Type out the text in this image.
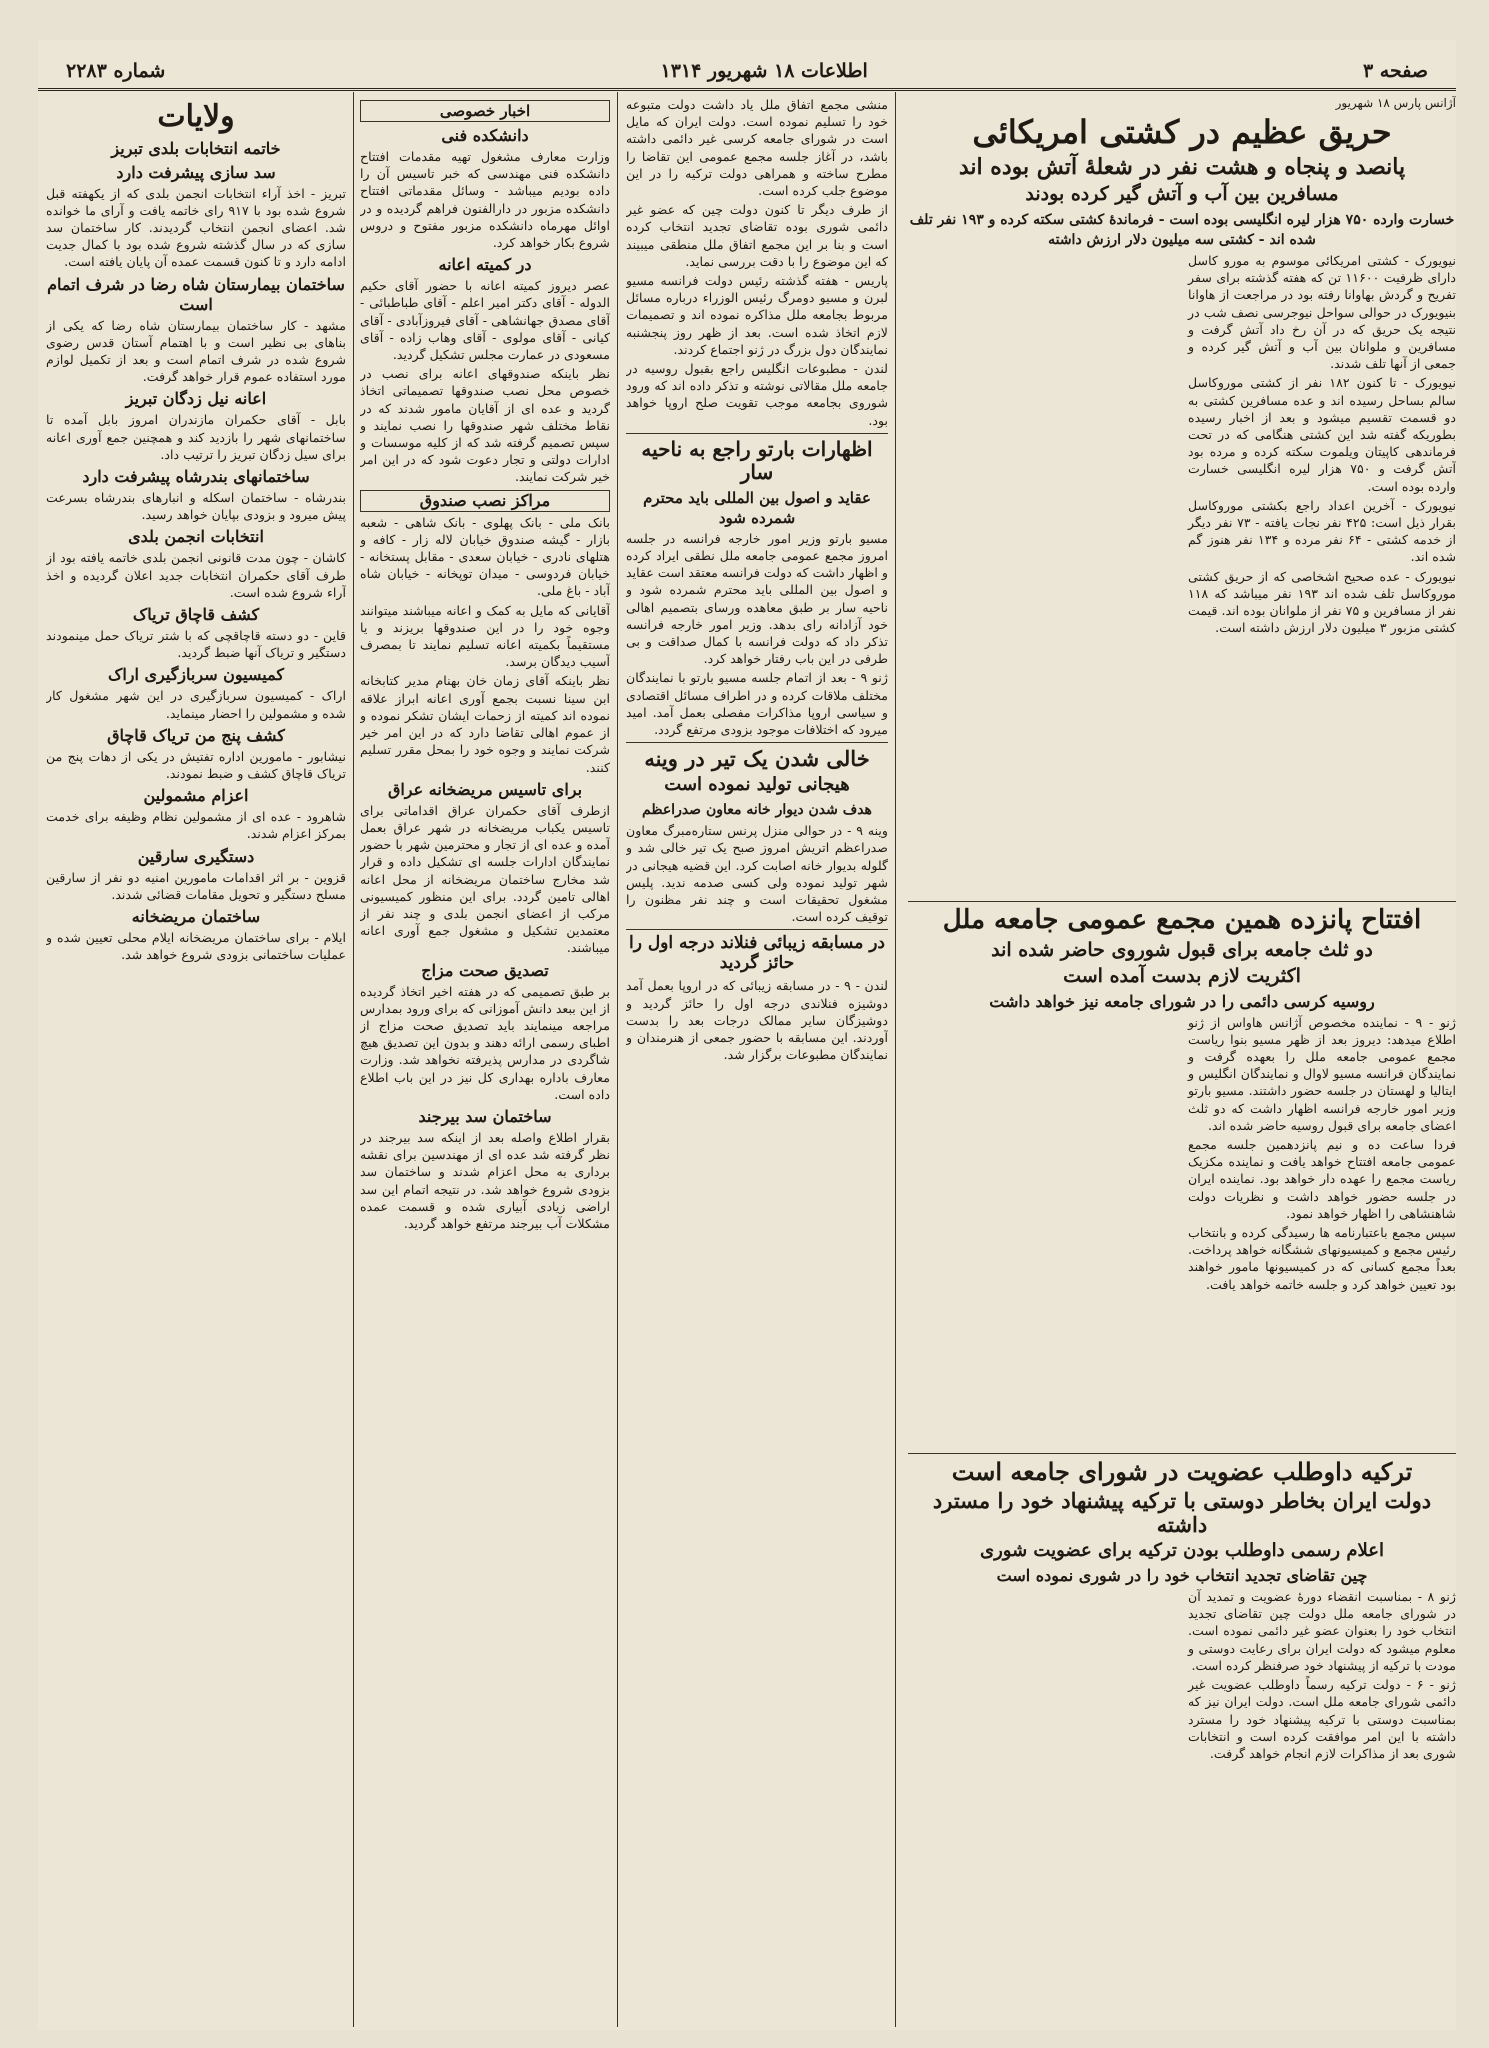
صفحه ۳
اطلاعات ۱۸ شهریور ۱۳۱۴
شماره ۲۲۸۳
آژانس پارس ۱۸ شهریور
حریق عظیم در کشتی امریکائی
پانصد و پنجاه و هشت نفر در شعلهٔ آتش بوده اند
مسافرین بین آب و آتش گیر کرده بودند
خسارت وارده ۷۵۰ هزار لیره انگلیسی بوده است - فرماندهٔ کشتی سکته کرده و ۱۹۳ نفر تلف شده اند - کشتی سه میلیون دلار ارزش داشته

نیویورک - کشتی امریکائی موسوم به مورو کاسل دارای ظرفیت ۱۱۶۰۰ تن که هفته گذشته برای سفر تفریح و گردش بهاوانا رفته بود در مراجعت از هاوانا بنیویورک در حوالی سواحل نیوجرسی نصف شب در نتیجه یک حریق که در آن رخ داد آتش گرفت و مسافرین و ملوانان بین آب و آتش گیر کرده و جمعی از آنها تلف شدند.

نیویورک - تا کنون ۱۸۲ نفر از کشتی موروکاسل سالم بساحل رسیده اند و عده مسافرین کشتی به دو قسمت تقسیم میشود و بعد از اخبار رسیده بطوریکه گفته شد این کشتی هنگامی که در تحت فرماندهی کاپیتان ویلموت سکته کرده و مرده بود آتش گرفت و ۷۵۰ هزار لیره انگلیسی خسارت وارده بوده است.

نیویورک - آخرین اعداد راجع بکشتی موروکاسل بقرار ذیل است: ۴۲۵ نفر نجات یافته - ۷۳ نفر دیگر از خدمه کشتی - ۶۴ نفر مرده و ۱۳۴ نفر هنوز گم شده اند.

نیویورک - عده صحیح اشخاصی که از حریق کشتی موروکاسل تلف شده اند ۱۹۳ نفر میباشد که ۱۱۸ نفر از مسافرین و ۷۵ نفر از ملوانان بوده اند. قیمت کشتی مزبور ۳ میلیون دلار ارزش داشته است.

افتتاح پانزده همین مجمع عمومی جامعه ملل
دو ثلث جامعه برای قبول شوروی حاضر شده اند
اکثریت لازم بدست آمده است
روسیه کرسی دائمی را در شورای جامعه نیز خواهد داشت

ژنو - ۹ - نماینده مخصوص آژانس هاواس از ژنو اطلاع میدهد: دیروز بعد از ظهر مسیو بنوا ریاست مجمع عمومی جامعه ملل را بعهده گرفت و نمایندگان فرانسه مسیو لاوال و نمایندگان انگلیس و ایتالیا و لهستان در جلسه حضور داشتند. مسیو بارتو وزیر امور خارجه فرانسه اظهار داشت که دو ثلث اعضای جامعه برای قبول روسیه حاضر شده اند.

فردا ساعت ده و نیم پانزدهمین جلسه مجمع عمومی جامعه افتتاح خواهد یافت و نماینده مکزیک ریاست مجمع را عهده دار خواهد بود. نماینده ایران در جلسه حضور خواهد داشت و نظریات دولت شاهنشاهی را اظهار خواهد نمود.

سپس مجمع باعتبارنامه ها رسیدگی کرده و بانتخاب رئیس مجمع و کمیسیونهای ششگانه خواهد پرداخت. بعداً مجمع کسانی که در کمیسیونها مامور خواهند بود تعیین خواهد کرد و جلسه خاتمه خواهد یافت.

ترکیه داوطلب عضویت در شورای جامعه است
دولت ایران بخاطر دوستی با ترکیه پیشنهاد خود را مسترد داشته
اعلام رسمی داوطلب بودن ترکیه برای عضویت شوری
چین تقاضای تجدید انتخاب خود را در شوری نموده است

ژنو ۸ - بمناسبت انقضاء دورهٔ عضویت و تمدید آن در شورای جامعه ملل دولت چین تقاضای تجدید انتخاب خود را بعنوان عضو غیر دائمی نموده است. معلوم میشود که دولت ایران برای رعایت دوستی و مودت با ترکیه از پیشنهاد خود صرفنظر کرده است.

ژنو - ۶ - دولت ترکیه رسماً داوطلب عضویت غیر دائمی شورای جامعه ملل است. دولت ایران نیز که بمناسبت دوستی با ترکیه پیشنهاد خود را مسترد داشته با این امر موافقت کرده است و انتخابات شوری بعد از مذاکرات لازم انجام خواهد گرفت.

منشی مجمع اتفاق ملل یاد داشت دولت متبوعه خود را تسلیم نموده است. دولت ایران که مایل است در شورای جامعه کرسی غیر دائمی داشته باشد، در آغاز جلسه مجمع عمومی این تقاضا را مطرح ساخته و همراهی دولت ترکیه را در این موضوع جلب کرده است.

از طرف دیگر تا کنون دولت چین که عضو غیر دائمی شوری بوده تقاضای تجدید انتخاب کرده است و بنا بر این مجمع اتفاق ملل منطقی میبیند که این موضوع را با دقت بررسی نماید.

پاریس - هفته گذشته رئیس دولت فرانسه مسیو لبرن و مسیو دومرگ رئیس الوزراء درباره مسائل مربوط بجامعه ملل مذاکره نموده اند و تصمیمات لازم اتخاذ شده است. بعد از ظهر روز پنجشنبه نمایندگان دول بزرگ در ژنو اجتماع کردند.

لندن - مطبوعات انگلیس راجع بقبول روسیه در جامعه ملل مقالاتی نوشته و تذکر داده اند که ورود شوروی بجامعه موجب تقویت صلح اروپا خواهد بود.

اظهارات بارتو راجع به ناحیه سار
عقاید و اصول بین المللی باید محترم شمرده شود

مسیو بارتو وزیر امور خارجه فرانسه در جلسه امروز مجمع عمومی جامعه ملل نطقی ایراد کرده و اظهار داشت که دولت فرانسه معتقد است عقاید و اصول بین المللی باید محترم شمرده شود و ناحیه سار بر طبق معاهده ورسای بتصمیم اهالی خود آزادانه رای بدهد. وزیر امور خارجه فرانسه تذکر داد که دولت فرانسه با کمال صداقت و بی طرفی در این باب رفتار خواهد کرد.

ژنو ۹ - بعد از اتمام جلسه مسیو بارتو با نمایندگان مختلف ملاقات کرده و در اطراف مسائل اقتصادی و سیاسی اروپا مذاکرات مفصلی بعمل آمد. امید میرود که اختلافات موجود بزودی مرتفع گردد.

خالی شدن یک تیر در وینه
هیجانی تولید نموده است
هدف شدن دیوار خانه معاون صدراعظم

وینه ۹ - در حوالی منزل پرنس ستاره‌مبرگ معاون صدراعظم اتریش امروز صبح یک تیر خالی شد و گلوله بدیوار خانه اصابت کرد. این قضیه هیجانی در شهر تولید نموده ولی کسی صدمه ندید. پلیس مشغول تحقیقات است و چند نفر مظنون را توقیف کرده است.

در مسابقه زیبائی فنلاند درجه اول را حائز گردید

لندن - ۹ - در مسابقه زیبائی که در اروپا بعمل آمد دوشیزه فنلاندی درجه اول را حائز گردید و دوشیزگان سایر ممالک درجات بعد را بدست آوردند. این مسابقه با حضور جمعی از هنرمندان و نمایندگان مطبوعات برگزار شد.

اخبار خصوصی
دانشکده فنی

وزارت معارف مشغول تهیه مقدمات افتتاح دانشکده فنی مهندسی که خبر تاسیس آن را داده بودیم میباشد - وسائل مقدماتی افتتاح دانشکده مزبور در دارالفنون فراهم گردیده و در اوائل مهرماه دانشکده مزبور مفتوح و دروس شروع بکار خواهد کرد.

در کمیته اعانه

عصر دیروز کمیته اعانه با حضور آقای حکیم الدوله - آقای دکتر امیر اعلم - آقای طباطبائی - آقای مصدق جهانشاهی - آقای فیروزآبادی - آقای کیانی - آقای مولوی - آقای وهاب زاده - آقای مسعودی در عمارت مجلس تشکیل گردید.

نظر باینکه صندوقهای اعانه برای نصب در خصوص محل نصب صندوقها تصمیماتی اتخاذ گردید و عده ای از آقایان مامور شدند که در نقاط مختلف شهر صندوقها را نصب نمایند و سپس تصمیم گرفته شد که از کلیه موسسات و ادارات دولتی و تجار دعوت شود که در این امر خیر شرکت نمایند.

مراکز نصب صندوق

بانک ملی - بانک پهلوی - بانک شاهی - شعبه بازار - گیشه صندوق خیابان لاله زار - کافه و هتلهای نادری - خیابان سعدی - مقابل پستخانه - خیابان فردوسی - میدان توپخانه - خیابان شاه آباد - باغ ملی.

آقایانی که مایل به کمک و اعانه میباشند میتوانند وجوه خود را در این صندوقها بریزند و یا مستقیماً بکمیته اعانه تسلیم نمایند تا بمصرف آسیب دیدگان برسد.

نظر باینکه آقای زمان خان بهنام مدیر کتابخانه ابن سینا نسبت بجمع آوری اعانه ابراز علاقه نموده اند کمیته از زحمات ایشان تشکر نموده و از عموم اهالی تقاضا دارد که در این امر خیر شرکت نمایند و وجوه خود را بمحل مقرر تسلیم کنند.

برای تاسیس مریضخانه عراق

ازطرف آقای حکمران عراق اقداماتی برای تاسیس یکباب مریضخانه در شهر عراق بعمل آمده و عده ای از تجار و محترمین شهر با حضور نمایندگان ادارات جلسه ای تشکیل داده و قرار شد مخارج ساختمان مریضخانه از محل اعانه اهالی تامین گردد. برای این منظور کمیسیونی مرکب از اعضای انجمن بلدی و چند نفر از معتمدین تشکیل و مشغول جمع آوری اعانه میباشند.

تصدیق صحت مزاج

بر طبق تصمیمی که در هفته اخیر اتخاذ گردیده از این ببعد دانش آموزانی که برای ورود بمدارس مراجعه مینمایند باید تصدیق صحت مزاج از اطبای رسمی ارائه دهند و بدون این تصدیق هیچ شاگردی در مدارس پذیرفته نخواهد شد. وزارت معارف باداره بهداری کل نیز در این باب اطلاع داده است.

ساختمان سد بیرجند

بقرار اطلاع واصله بعد از اینکه سد بیرجند در نظر گرفته شد عده ای از مهندسین برای نقشه برداری به محل اعزام شدند و ساختمان سد بزودی شروع خواهد شد. در نتیجه اتمام این سد اراضی زیادی آبیاری شده و قسمت عمده مشکلات آب بیرجند مرتفع خواهد گردید.

ولایات
خاتمه انتخابات بلدی تبریز
سد سازی پیشرفت دارد

تبریز - اخذ آراء انتخابات انجمن بلدی که از یکهفته قبل شروع شده بود با ۹۱۷ رای خاتمه یافت و آرای ما خوانده شد. اعضای انجمن انتخاب گردیدند. کار ساختمان سد سازی که در سال گذشته شروع شده بود با کمال جدیت ادامه دارد و تا کنون قسمت عمده آن پایان یافته است.

ساختمان بیمارستان شاه رضا در شرف اتمام است

مشهد - کار ساختمان بیمارستان شاه رضا که یکی از بناهای بی نظیر است و با اهتمام آستان قدس رضوی شروع شده در شرف اتمام است و بعد از تکمیل لوازم مورد استفاده عموم قرار خواهد گرفت.

اعانه نیل زدگان تبریز

بابل - آقای حکمران مازندران امروز بابل آمده تا ساختمانهای شهر را بازدید کند و همچنین جمع آوری اعانه برای سیل زدگان تبریز را ترتیب داد.

ساختمانهای بندرشاه پیشرفت دارد

بندرشاه - ساختمان اسکله و انبارهای بندرشاه بسرعت پیش میرود و بزودی بپایان خواهد رسید.

انتخابات انجمن بلدی

کاشان - چون مدت قانونی انجمن بلدی خاتمه یافته بود از طرف آقای حکمران انتخابات جدید اعلان گردیده و اخذ آراء شروع شده است.

کشف قاچاق تریاک

قاین - دو دسته قاچاقچی که با شتر تریاک حمل مینمودند دستگیر و تریاک آنها ضبط گردید.

کمیسیون سربازگیری اراک

اراک - کمیسیون سربازگیری در این شهر مشغول کار شده و مشمولین را احضار مینماید.

کشف پنج من تریاک قاچاق

نیشابور - مامورین اداره تفتیش در یکی از دهات پنج من تریاک قاچاق کشف و ضبط نمودند.

اعزام مشمولین

شاهرود - عده ای از مشمولین نظام وظیفه برای خدمت بمرکز اعزام شدند.

دستگیری سارقین

قزوین - بر اثر اقدامات مامورین امنیه دو نفر از سارقین مسلح دستگیر و تحویل مقامات قضائی شدند.

ساختمان مریضخانه

ایلام - برای ساختمان مریضخانه ایلام محلی تعیین شده و عملیات ساختمانی بزودی شروع خواهد شد.
